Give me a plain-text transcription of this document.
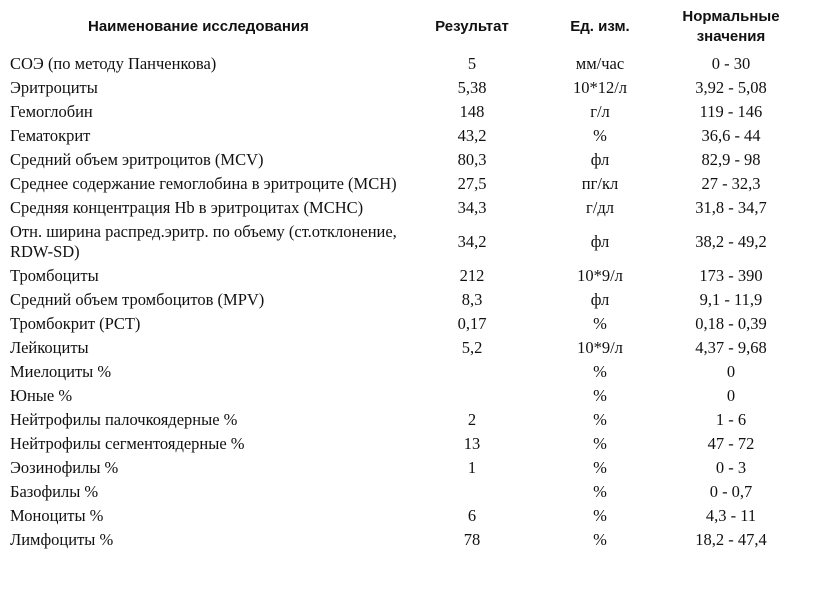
Наименование исследования	Результат	Ед. изм.	Нормальные значения
СОЭ (по методу Панченкова)	5	мм/час	0 - 30
Эритроциты	5,38	10*12/л	3,92 - 5,08
Гемоглобин	148	г/л	119 - 146
Гематокрит	43,2	%	36,6 - 44
Средний объем эритроцитов (MCV)	80,3	фл	82,9 - 98
Среднее содержание гемоглобина в эритроците (MCH)	27,5	пг/кл	27 - 32,3
Средняя концентрация Hb в эритроцитах (MCHC)	34,3	г/дл	31,8 - 34,7
Отн. ширина распред.эритр. по объему (ст.отклонение, RDW-SD)	34,2	фл	38,2 - 49,2
Тромбоциты	212	10*9/л	173 - 390
Средний объем тромбоцитов (MPV)	8,3	фл	9,1 - 11,9
Тромбокрит (PCT)	0,17	%	0,18 - 0,39
Лейкоциты	5,2	10*9/л	4,37 - 9,68
Миелоциты %		%	0
Юные %		%	0
Нейтрофилы палочкоядерные %	2	%	1 - 6
Нейтрофилы сегментоядерные %	13	%	47 - 72
Эозинофилы %	1	%	0 - 3
Базофилы %		%	0 - 0,7
Моноциты %	6	%	4,3 - 11
Лимфоциты %	78	%	18,2 - 47,4
